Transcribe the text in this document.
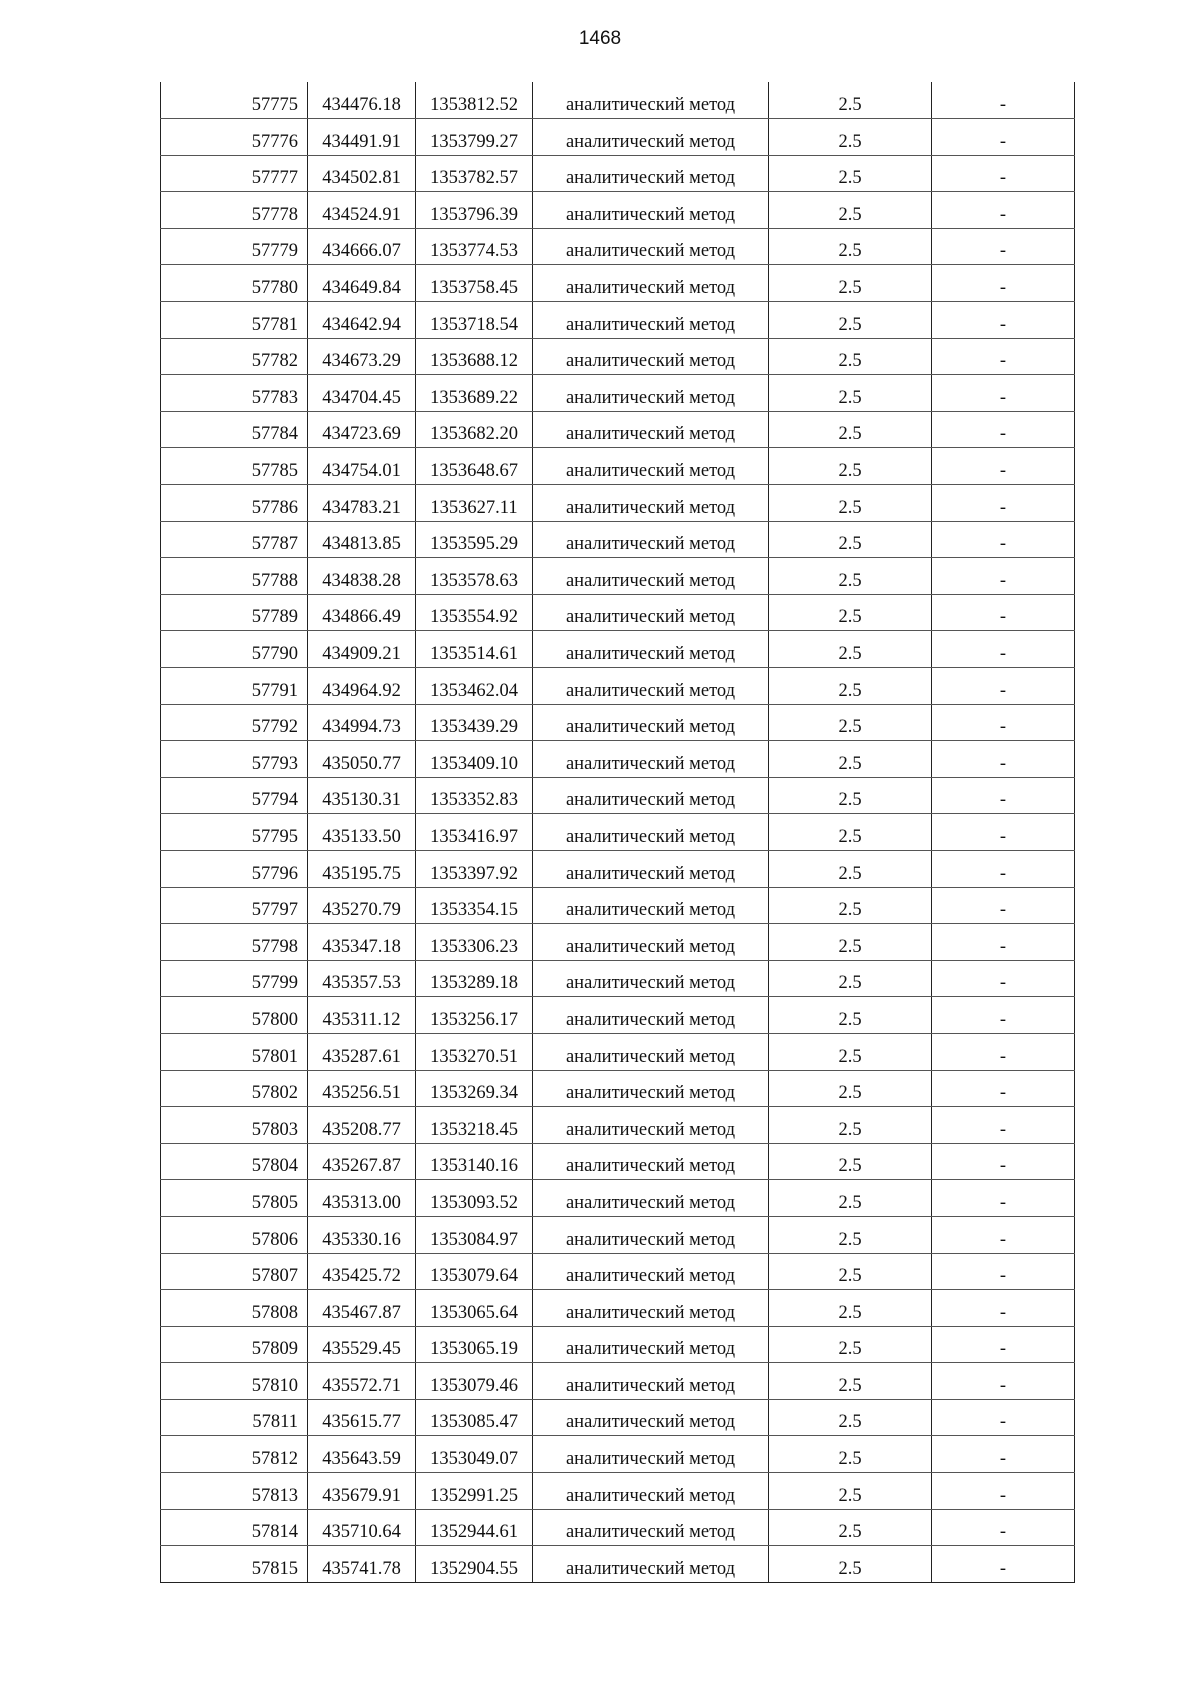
1468
57775	434476.18	1353812.52	аналитический метод	2.5	-
57776	434491.91	1353799.27	аналитический метод	2.5	-
57777	434502.81	1353782.57	аналитический метод	2.5	-
57778	434524.91	1353796.39	аналитический метод	2.5	-
57779	434666.07	1353774.53	аналитический метод	2.5	-
57780	434649.84	1353758.45	аналитический метод	2.5	-
57781	434642.94	1353718.54	аналитический метод	2.5	-
57782	434673.29	1353688.12	аналитический метод	2.5	-
57783	434704.45	1353689.22	аналитический метод	2.5	-
57784	434723.69	1353682.20	аналитический метод	2.5	-
57785	434754.01	1353648.67	аналитический метод	2.5	-
57786	434783.21	1353627.11	аналитический метод	2.5	-
57787	434813.85	1353595.29	аналитический метод	2.5	-
57788	434838.28	1353578.63	аналитический метод	2.5	-
57789	434866.49	1353554.92	аналитический метод	2.5	-
57790	434909.21	1353514.61	аналитический метод	2.5	-
57791	434964.92	1353462.04	аналитический метод	2.5	-
57792	434994.73	1353439.29	аналитический метод	2.5	-
57793	435050.77	1353409.10	аналитический метод	2.5	-
57794	435130.31	1353352.83	аналитический метод	2.5	-
57795	435133.50	1353416.97	аналитический метод	2.5	-
57796	435195.75	1353397.92	аналитический метод	2.5	-
57797	435270.79	1353354.15	аналитический метод	2.5	-
57798	435347.18	1353306.23	аналитический метод	2.5	-
57799	435357.53	1353289.18	аналитический метод	2.5	-
57800	435311.12	1353256.17	аналитический метод	2.5	-
57801	435287.61	1353270.51	аналитический метод	2.5	-
57802	435256.51	1353269.34	аналитический метод	2.5	-
57803	435208.77	1353218.45	аналитический метод	2.5	-
57804	435267.87	1353140.16	аналитический метод	2.5	-
57805	435313.00	1353093.52	аналитический метод	2.5	-
57806	435330.16	1353084.97	аналитический метод	2.5	-
57807	435425.72	1353079.64	аналитический метод	2.5	-
57808	435467.87	1353065.64	аналитический метод	2.5	-
57809	435529.45	1353065.19	аналитический метод	2.5	-
57810	435572.71	1353079.46	аналитический метод	2.5	-
57811	435615.77	1353085.47	аналитический метод	2.5	-
57812	435643.59	1353049.07	аналитический метод	2.5	-
57813	435679.91	1352991.25	аналитический метод	2.5	-
57814	435710.64	1352944.61	аналитический метод	2.5	-
57815	435741.78	1352904.55	аналитический метод	2.5	-
